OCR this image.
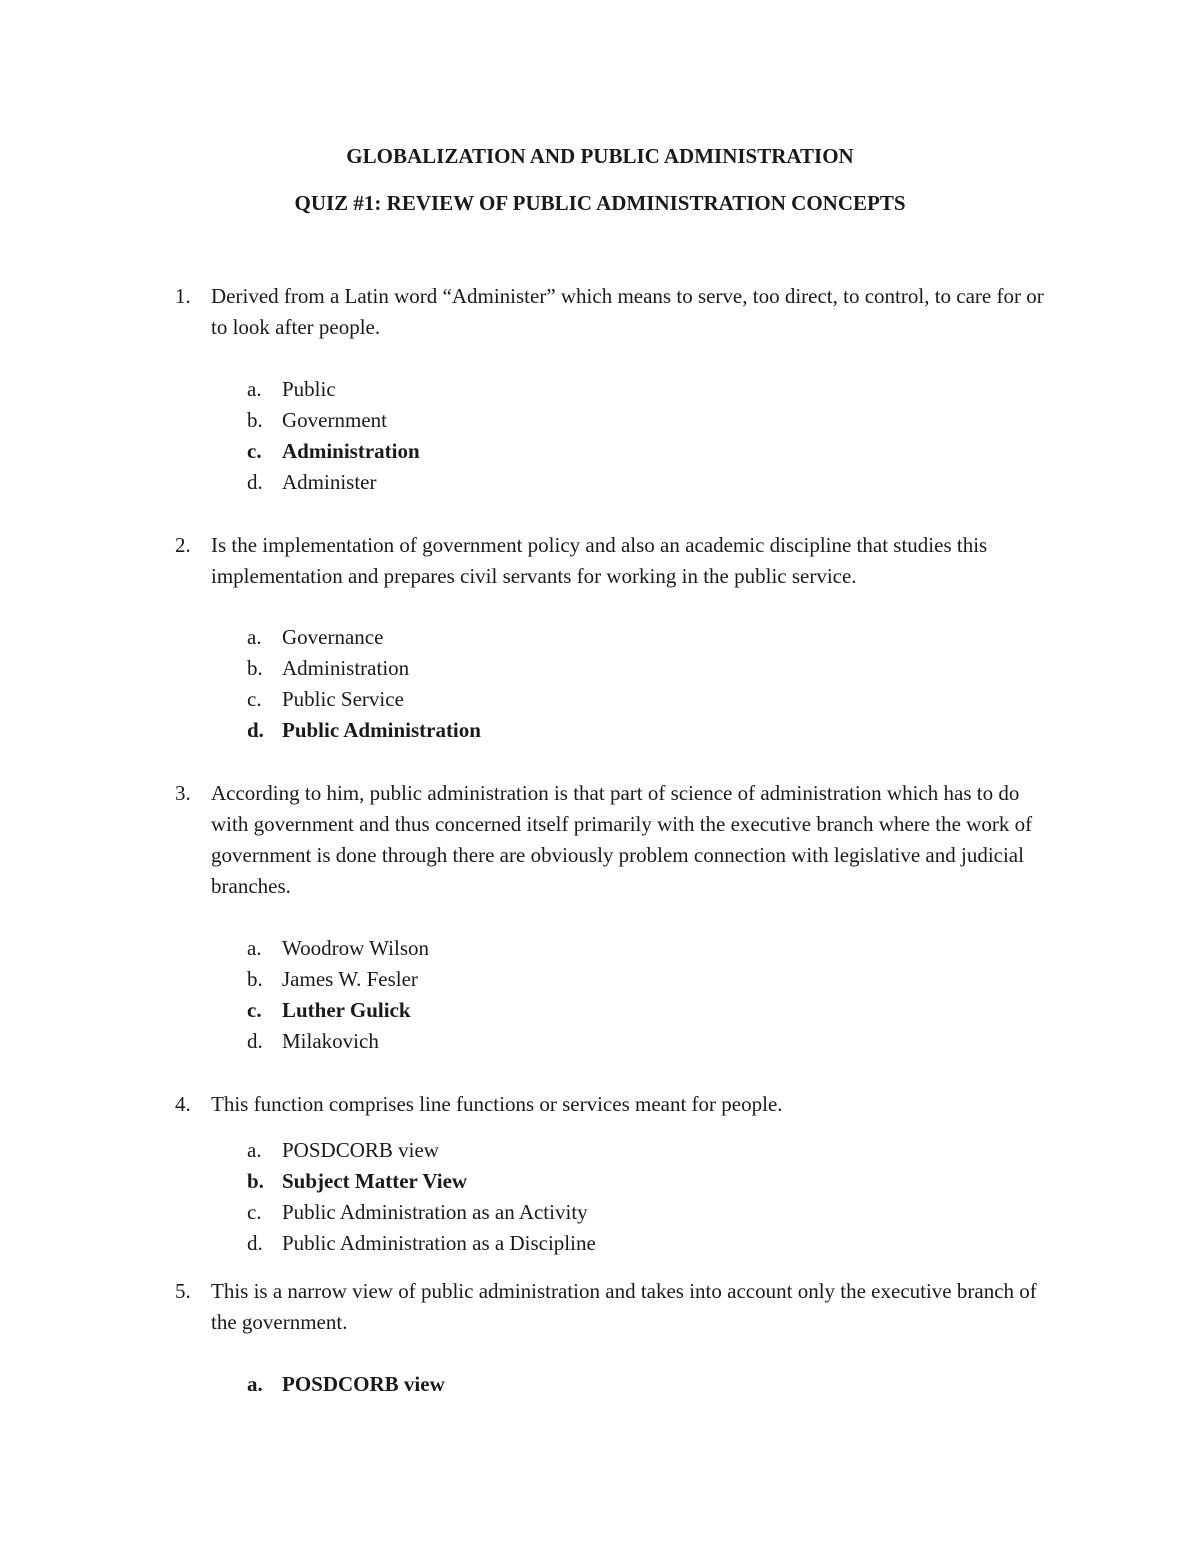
GLOBALIZATION AND PUBLIC ADMINISTRATION
QUIZ #1: REVIEW OF PUBLIC ADMINISTRATION CONCEPTS
1. Derived from a Latin word “Administer” which means to serve, too direct, to control, to care for or to look after people.
a. Public
b. Government
c. Administration
d. Administer
2. Is the implementation of government policy and also an academic discipline that studies this implementation and prepares civil servants for working in the public service.
a. Governance
b. Administration
c. Public Service
d. Public Administration
3. According to him, public administration is that part of science of administration which has to do with government and thus concerned itself primarily with the executive branch where the work of government is done through there are obviously problem connection with legislative and judicial branches.
a. Woodrow Wilson
b. James W. Fesler
c. Luther Gulick
d. Milakovich
4. This function comprises line functions or services meant for people.
a. POSDCORB view
b. Subject Matter View
c. Public Administration as an Activity
d. Public Administration as a Discipline
5. This is a narrow view of public administration and takes into account only the executive branch of the government.
a. POSDCORB view
